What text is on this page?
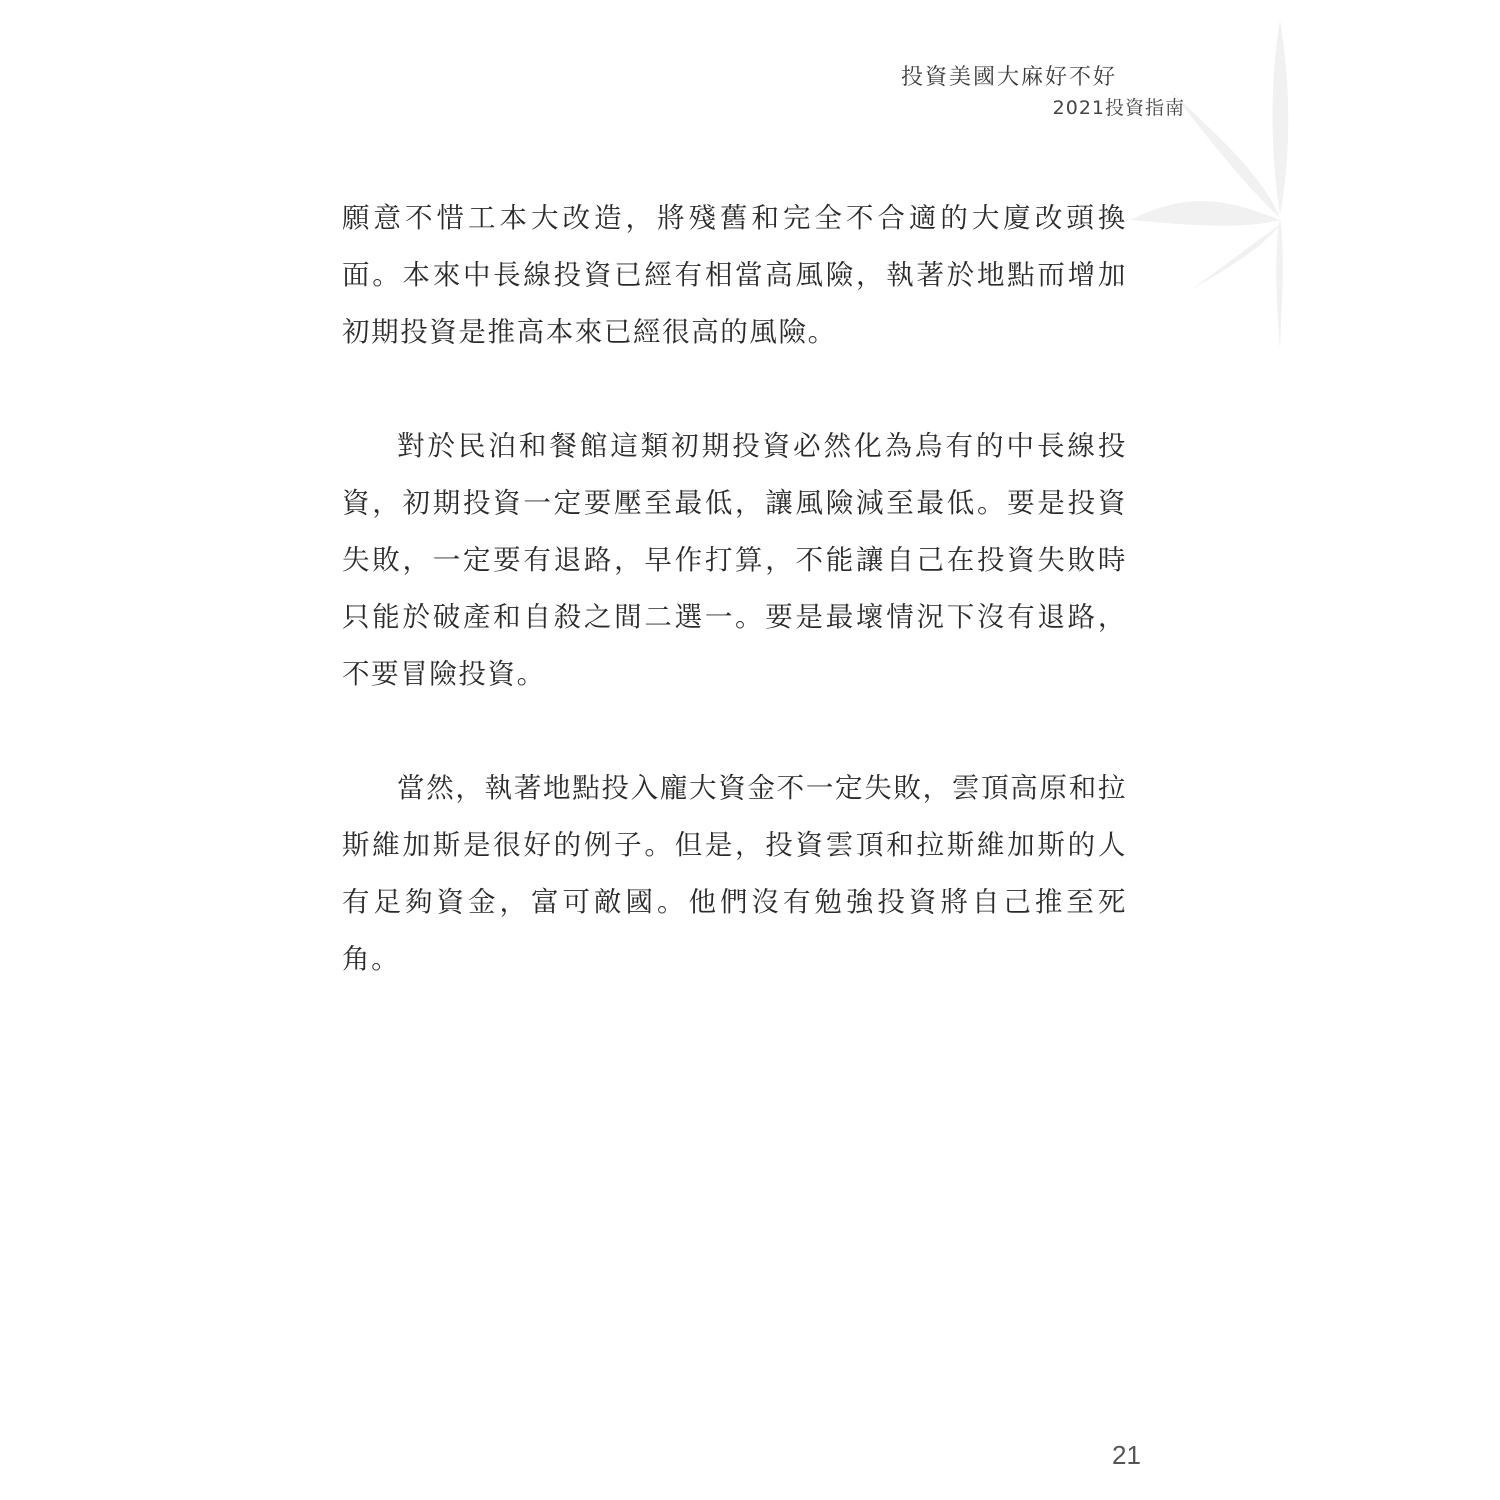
投資美國大麻好不好
2021投資指南

願意不惜工本大改造，將殘舊和完全不合適的大廈改頭換面。本來中長線投資已經有相當高風險，執著於地點而增加初期投資是推高本來已經很高的風險。

對於民泊和餐館這類初期投資必然化為烏有的中長線投資，初期投資一定要壓至最低，讓風險減至最低。要是投資失敗，一定要有退路，早作打算，不能讓自己在投資失敗時只能於破產和自殺之間二選一。要是最壞情況下沒有退路，不要冒險投資。

當然，執著地點投入龐大資金不一定失敗，雲頂高原和拉斯維加斯是很好的例子。但是，投資雲頂和拉斯維加斯的人有足夠資金，富可敵國。他們沒有勉強投資將自己推至死角。

21
